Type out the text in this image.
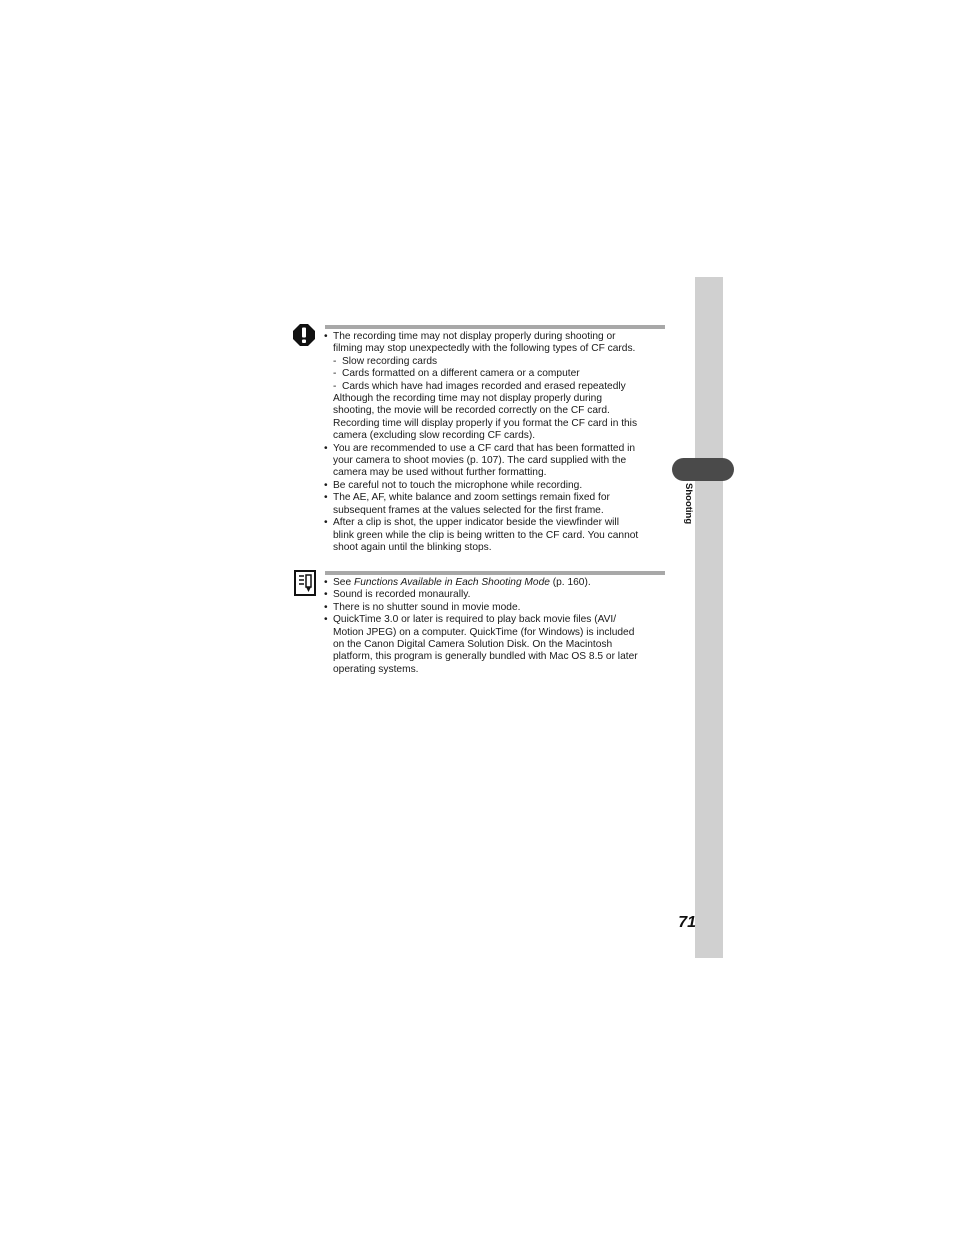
Shooting
71
• The recording time may not display properly during shooting or
filming may stop unexpectedly with the following types of CF cards.
- Slow recording cards
- Cards formatted on a different camera or a computer
- Cards which have had images recorded and erased repeatedly
Although the recording time may not display properly during
shooting, the movie will be recorded correctly on the CF card.
Recording time will display properly if you format the CF card in this
camera (excluding slow recording CF cards).
• You are recommended to use a CF card that has been formatted in
your camera to shoot movies (p. 107). The card supplied with the
camera may be used without further formatting.
• Be careful not to touch the microphone while recording.
• The AE, AF, white balance and zoom settings remain fixed for
subsequent frames at the values selected for the first frame.
• After a clip is shot, the upper indicator beside the viewfinder will
blink green while the clip is being written to the CF card. You cannot
shoot again until the blinking stops.
• See Functions Available in Each Shooting Mode (p. 160).
• Sound is recorded monaurally.
• There is no shutter sound in movie mode.
• QuickTime 3.0 or later is required to play back movie files (AVI/
Motion JPEG) on a computer. QuickTime (for Windows) is included
on the Canon Digital Camera Solution Disk. On the Macintosh
platform, this program is generally bundled with Mac OS 8.5 or later
operating systems.
